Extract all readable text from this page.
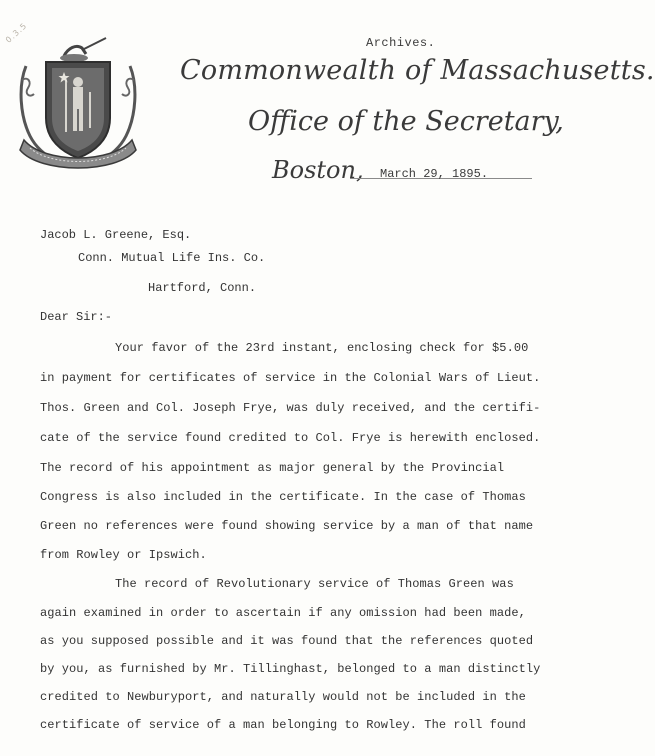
0.3.5	Archives.
Commonwealth of Massachusetts.
Office of the Secretary,
Boston, March 29, 1895.
Jacob L. Greene, Esq.
Conn. Mutual Life Ins. Co.
Hartford, Conn.
Dear Sir:-
Your favor of the 23rd instant, enclosing check for $5.00
in payment for certificates of service in the Colonial Wars of Lieut.
Thos. Green and Col. Joseph Frye, was duly received, and the certifi-
cate of the service found credited to Col. Frye is herewith enclosed.
The record of his appointment as major general by the Provincial
Congress is also included in the certificate. In the case of Thomas
Green no references were found showing service by a man of that name
from Rowley or Ipswich.
The record of Revolutionary service of Thomas Green was
again examined in order to ascertain if any omission had been made,
as you supposed possible and it was found that the references quoted
by you, as furnished by Mr. Tillinghast, belonged to a man distinctly
credited to Newburyport, and naturally would not be included in the
certificate of service of a man belonging to Rowley. The roll found
